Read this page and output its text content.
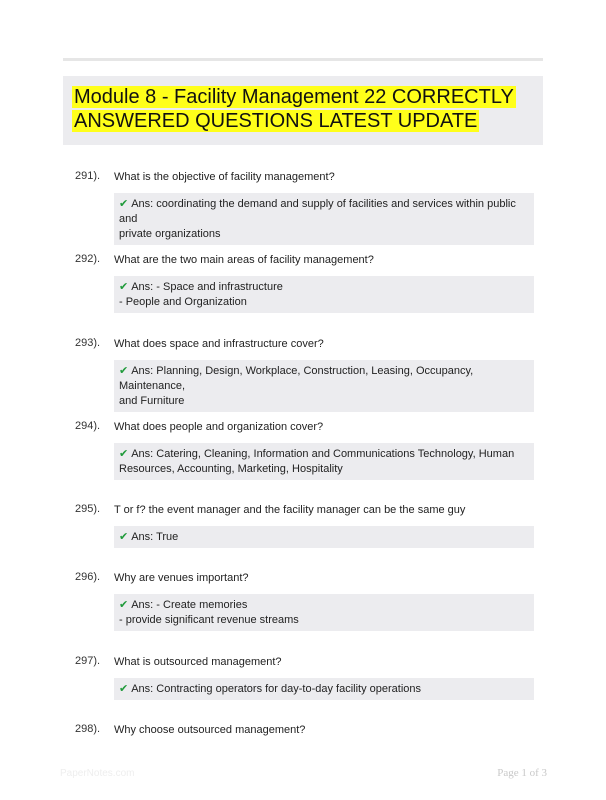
Module 8 - Facility Management 22 CORRECTLY
ANSWERED QUESTIONS LATEST UPDATE
291). What is the objective of facility management?
✔ Ans: coordinating the demand and supply of facilities and services within public and
private organizations
292). What are the two main areas of facility management?
✔ Ans: - Space and infrastructure
- People and Organization
293). What does space and infrastructure cover?
✔ Ans: Planning, Design, Workplace, Construction, Leasing, Occupancy, Maintenance,
and Furniture
294). What does people and organization cover?
✔ Ans: Catering, Cleaning, Information and Communications Technology, Human
Resources, Accounting, Marketing, Hospitality
295). T or f? the event manager and the facility manager can be the same guy
✔ Ans: True
296). Why are venues important?
✔ Ans: - Create memories
- provide significant revenue streams
297). What is outsourced management?
✔ Ans: Contracting operators for day-to-day facility operations
298). Why choose outsourced management?
PaperNotes.com	Page 1 of 3
